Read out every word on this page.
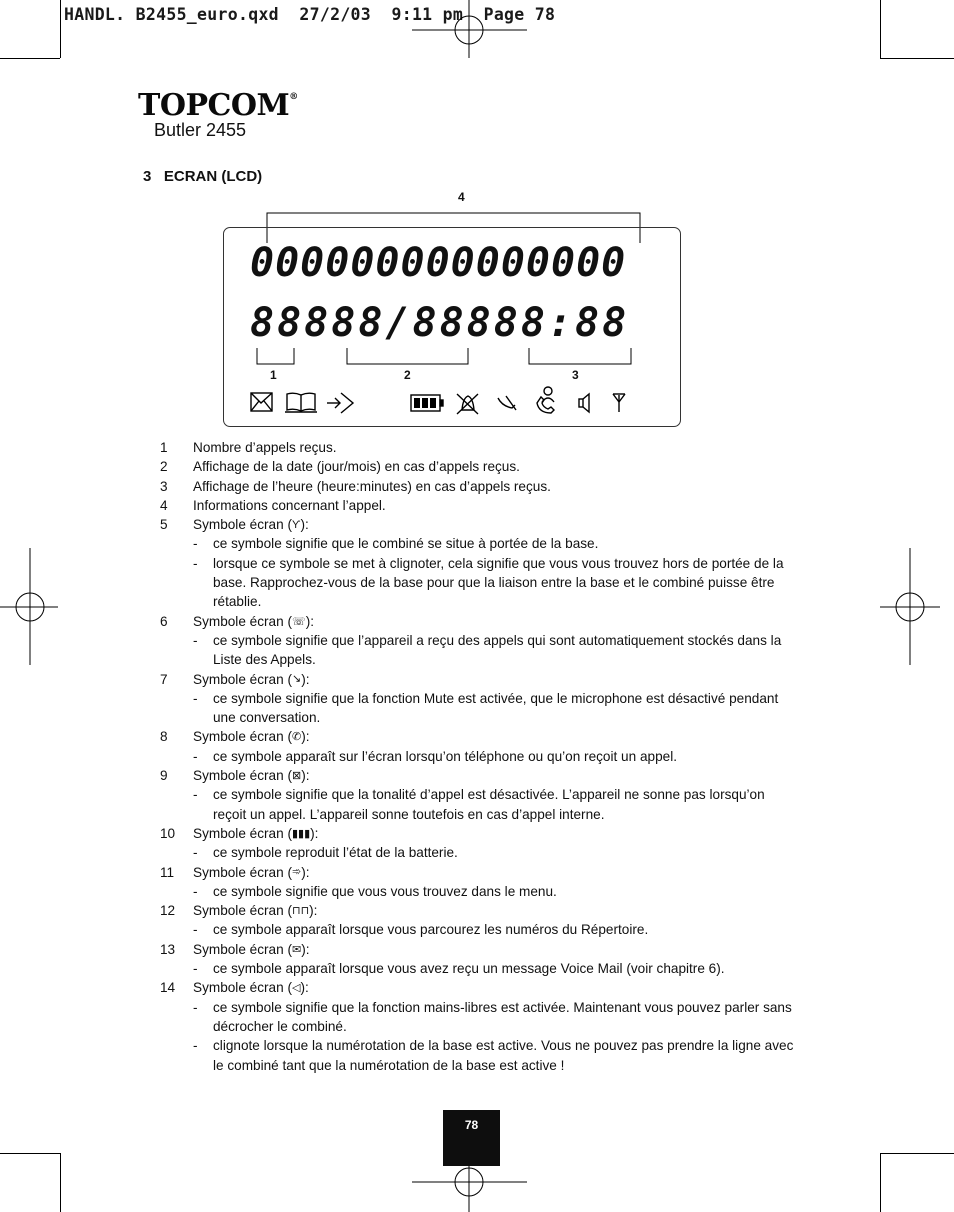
HANDL. B2455_euro.qxd  27/2/03  9:11 pm  Page 78
TOPCOM®
Butler 2455
3 ECRAN (LCD)
4
000000000000000
88888/88888:88
1	2	3
1	Nombre d’appels reçus.
2	Affichage de la date (jour/mois) en cas d’appels reçus.
3	Affichage de l’heure (heure:minutes) en cas d’appels reçus.
4	Informations concernant l’appel.
5	Symbole écran (Ƴ):
-	ce symbole signifie que le combiné se situe à portée de la base.
-	lorsque ce symbole se met à clignoter, cela signifie que vous vous trouvez hors de portée de la base. Rapprochez-vous de la base pour que la liaison entre la base et le combiné puisse être rétablie.
6	Symbole écran (☏):
-	ce symbole signifie que l’appareil a reçu des appels qui sont automatiquement stockés dans la Liste des Appels.
7	Symbole écran (↘):
-	ce symbole signifie que la fonction Mute est activée, que le microphone est désactivé pendant une conversation.
8	Symbole écran (✆):
-	ce symbole apparaît sur l’écran lorsqu’on téléphone ou qu’on reçoit un appel.
9	Symbole écran (⊠):
-	ce symbole signifie que la tonalité d’appel est désactivée. L’appareil ne sonne pas lorsqu’on reçoit un appel. L’appareil sonne toutefois en cas d’appel interne.
10	Symbole écran (▮▮▮):
-	ce symbole reproduit l’état de la batterie.
11	Symbole écran (➾):
-	ce symbole signifie que vous vous trouvez dans le menu.
12	Symbole écran (⊓⊓):
-	ce symbole apparaît lorsque vous parcourez les numéros du Répertoire.
13	Symbole écran (✉):
-	ce symbole apparaît lorsque vous avez reçu un message Voice Mail (voir chapitre 6).
14	Symbole écran (◁):
-	ce symbole signifie que la fonction mains-libres est activée. Maintenant vous pouvez parler sans décrocher le combiné.
-	clignote lorsque la numérotation de la base est active. Vous ne pouvez pas prendre la ligne avec le combiné tant que la numérotation de la base est active !
78
